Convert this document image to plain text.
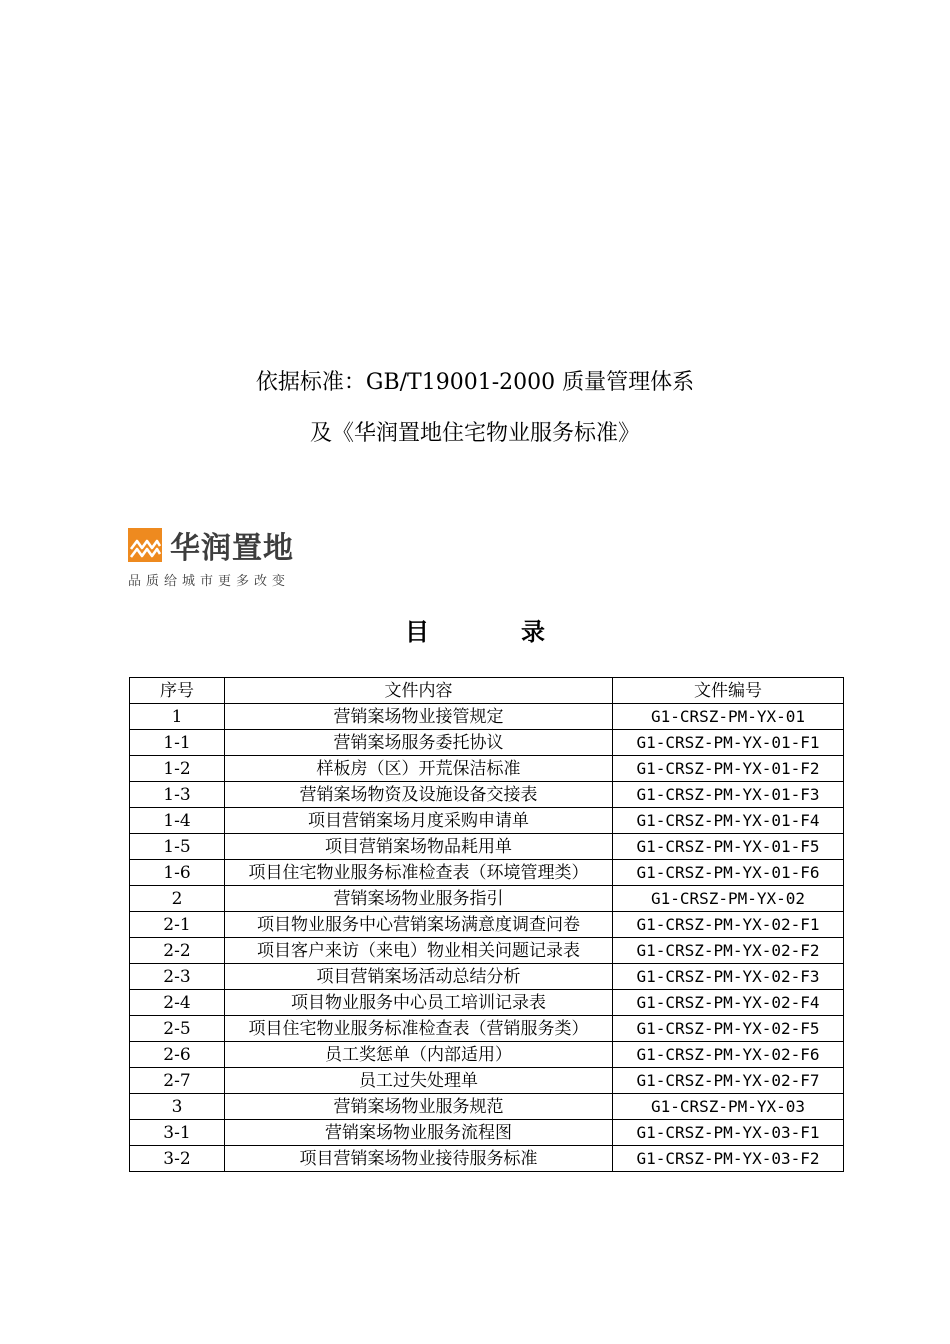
依据标准：GB/T19001-2000 质量管理体系
及《华润置地住宅物业服务标准》
华润置地
品质给城市更多改变
目录
序号	文件内容	文件编号
1	营销案场物业接管规定	G1-CRSZ-PM-YX-01
1-1	营销案场服务委托协议	G1-CRSZ-PM-YX-01-F1
1-2	样板房（区）开荒保洁标准	G1-CRSZ-PM-YX-01-F2
1-3	营销案场物资及设施设备交接表	G1-CRSZ-PM-YX-01-F3
1-4	项目营销案场月度采购申请单	G1-CRSZ-PM-YX-01-F4
1-5	项目营销案场物品耗用单	G1-CRSZ-PM-YX-01-F5
1-6	项目住宅物业服务标准检查表（环境管理类）	G1-CRSZ-PM-YX-01-F6
2	营销案场物业服务指引	G1-CRSZ-PM-YX-02
2-1	项目物业服务中心营销案场满意度调查问卷	G1-CRSZ-PM-YX-02-F1
2-2	项目客户来访（来电）物业相关问题记录表	G1-CRSZ-PM-YX-02-F2
2-3	项目营销案场活动总结分析	G1-CRSZ-PM-YX-02-F3
2-4	项目物业服务中心员工培训记录表	G1-CRSZ-PM-YX-02-F4
2-5	项目住宅物业服务标准检查表（营销服务类）	G1-CRSZ-PM-YX-02-F5
2-6	员工奖惩单（内部适用）	G1-CRSZ-PM-YX-02-F6
2-7	员工过失处理单	G1-CRSZ-PM-YX-02-F7
3	营销案场物业服务规范	G1-CRSZ-PM-YX-03
3-1	营销案场物业服务流程图	G1-CRSZ-PM-YX-03-F1
3-2	项目营销案场物业接待服务标准	G1-CRSZ-PM-YX-03-F2
